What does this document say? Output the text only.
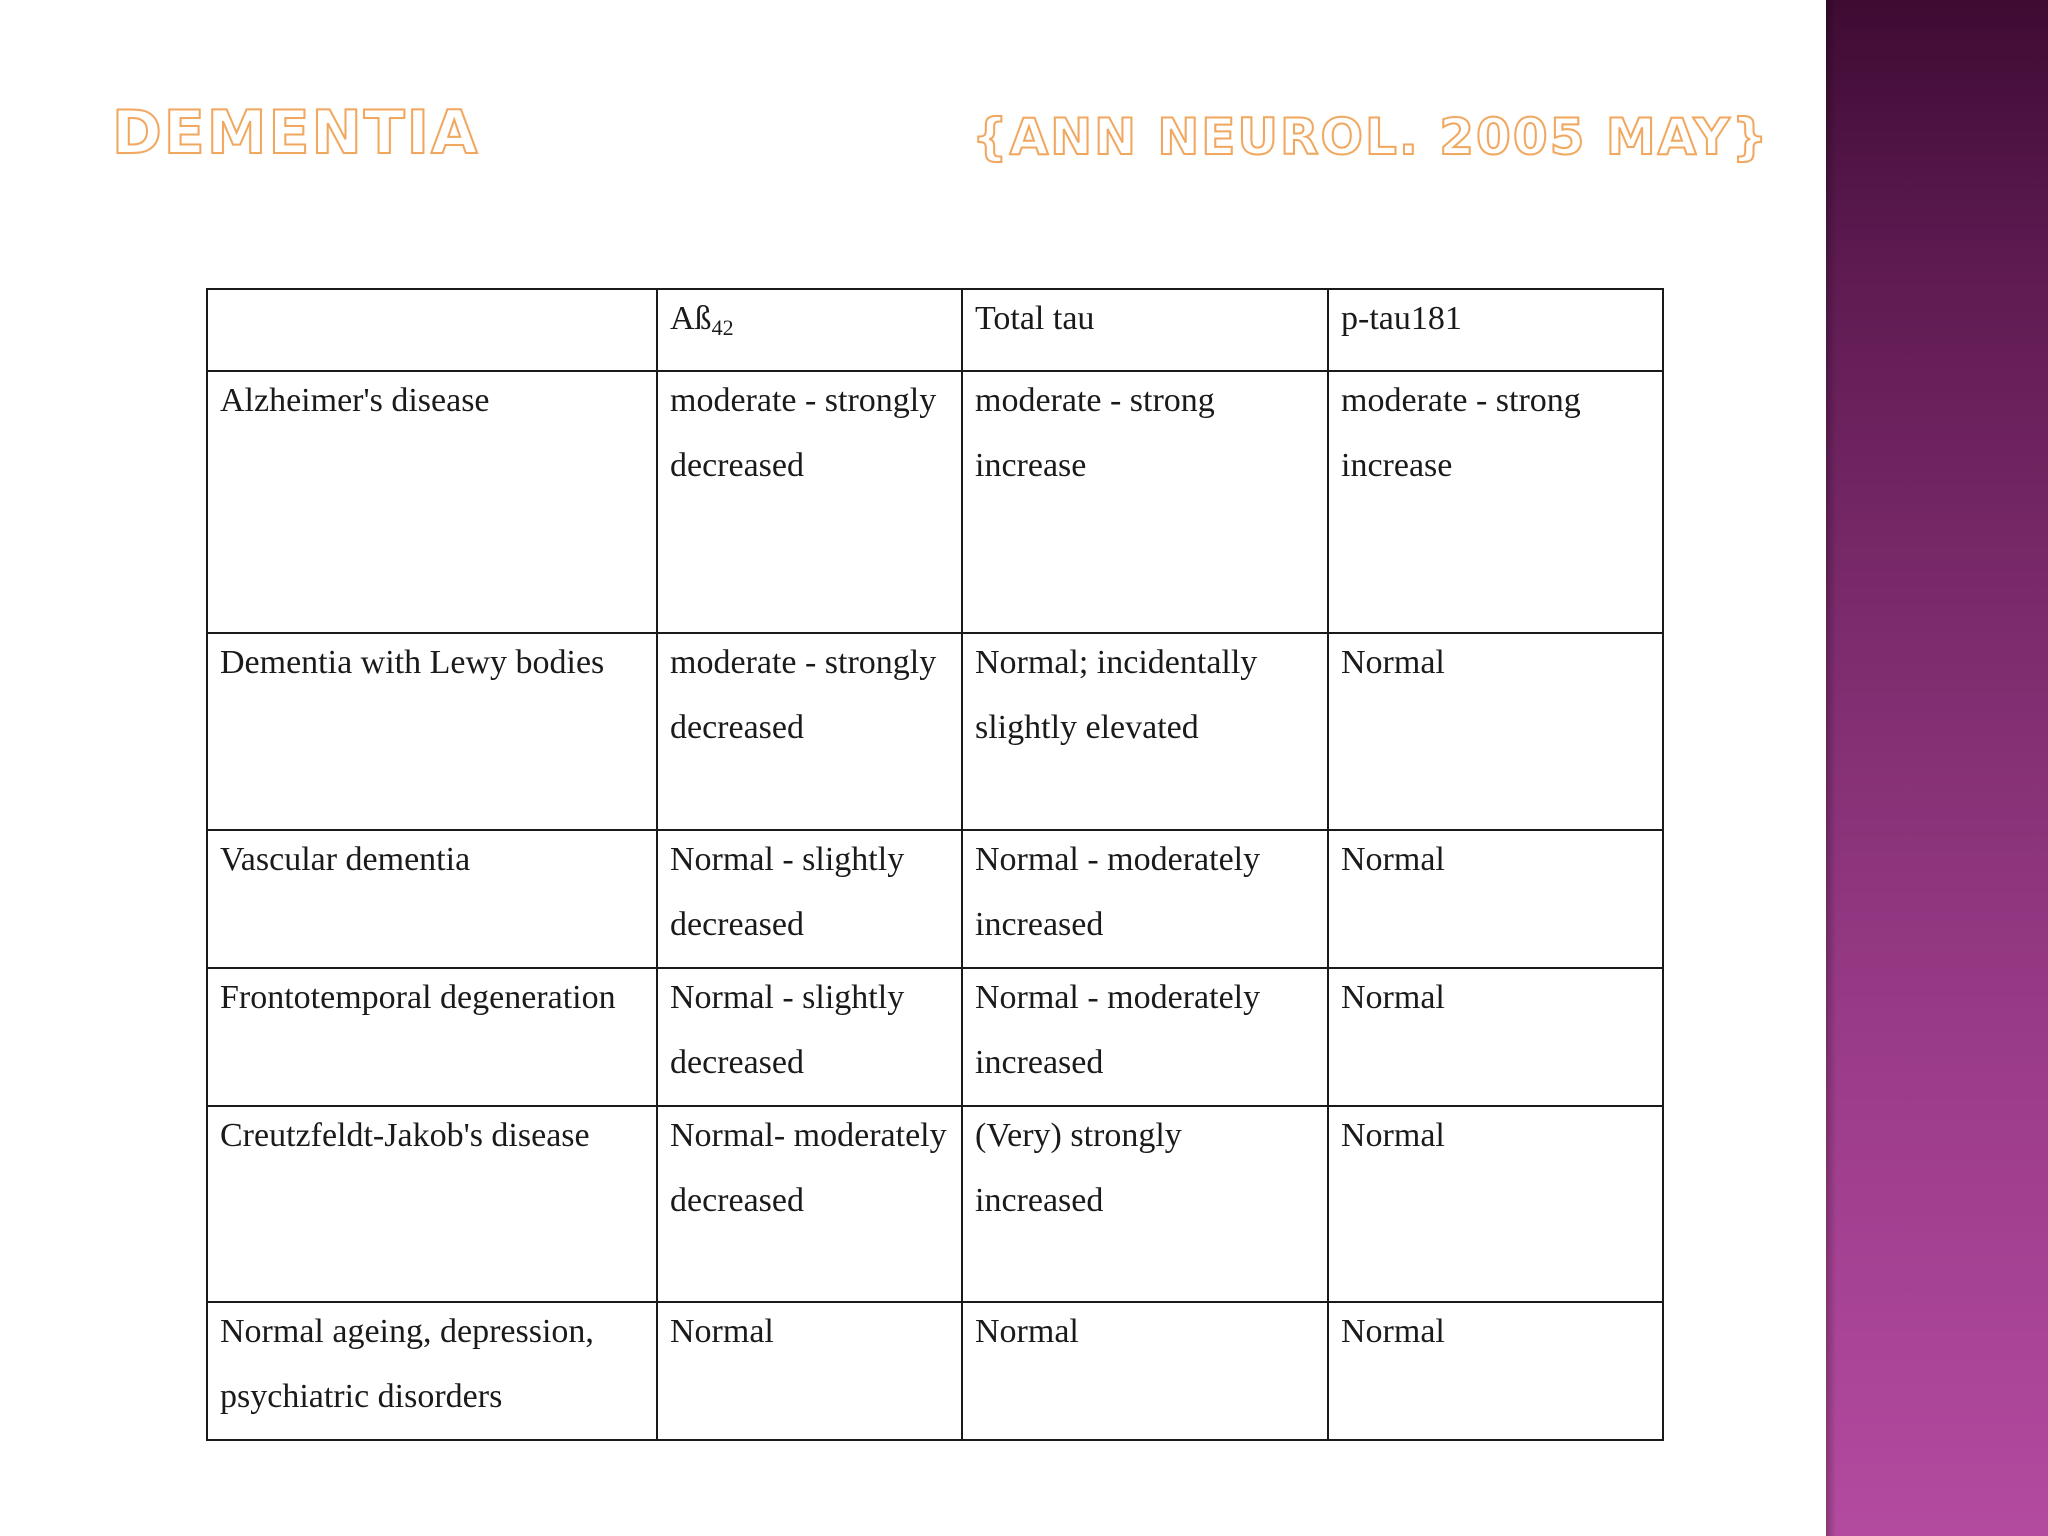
DEMENTIA	{ANN NEUROL. 2005 MAY}

	$Aß_{42}$	Total tau	p-tau181

Alzheimer's disease	moderate - strongly decreased	moderate - strong increase	moderate - strong increase

Dementia with Lewy bodies	moderate - strongly decreased	Normal; incidentally slightly elevated	Normal

Vascular dementia	Normal - slightly decreased	Normal - moderately increased	Normal

Frontotemporal degeneration	Normal - slightly decreased	Normal - moderately increased	Normal

Creutzfeldt-Jakob's disease	Normal- moderately decreased	(Very) strongly increased	Normal

Normal ageing, depression, psychiatric disorders	Normal	Normal	Normal
